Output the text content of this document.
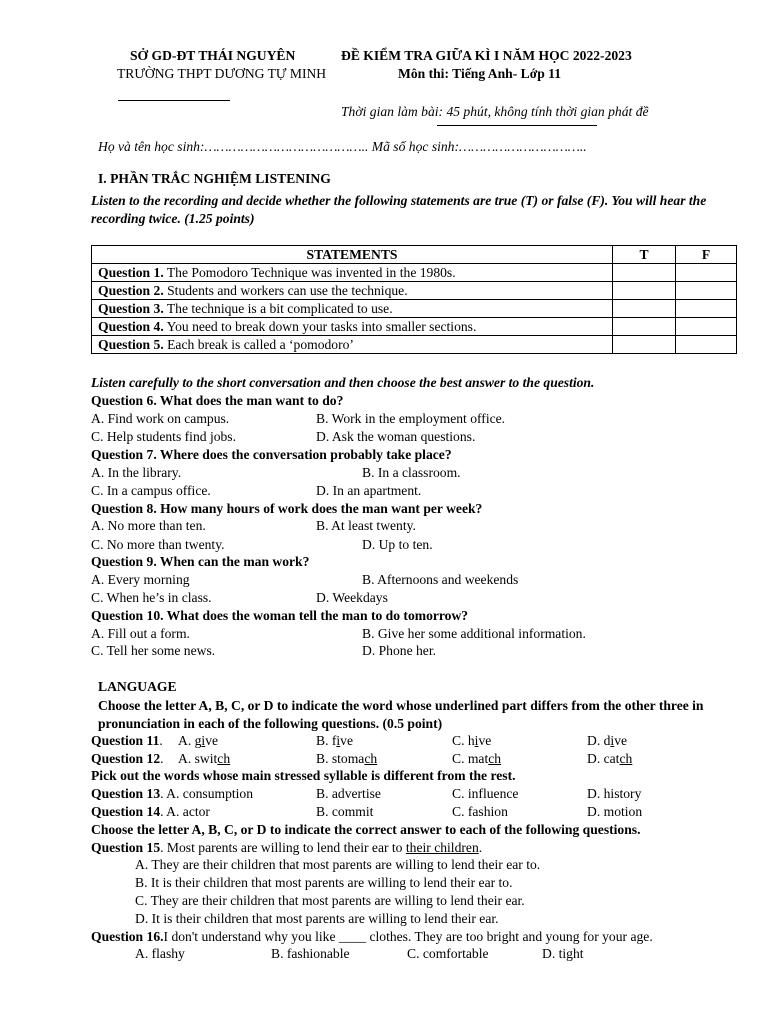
SỞ GD-ĐT THÁI NGUYÊN
TRƯỜNG THPT DƯƠNG TỰ MINH
ĐỀ KIỂM TRA GIỮA KÌ I NĂM HỌC 2022-2023
Môn thi: Tiếng Anh- Lớp 11
Thời gian làm bài: 45 phút, không tính thời gian phát đề
Họ và tên học sinh:………………………………….. Mã số học sinh:…………………………..
I. PHẦN TRẮC NGHIỆM LISTENING
Listen to the recording and decide whether the following statements are true (T) or false (F). You will hear the recording twice. (1.25 points)
STATEMENTS	T	F
Question 1. The Pomodoro Technique was invented in the 1980s.		
Question 2. Students and workers can use the technique.		
Question 3. The technique is a bit complicated to use.		
Question 4. You need to break down your tasks into smaller sections.		
Question 5. Each break is called a ‘pomodoro’		
Listen carefully to the short conversation and then choose the best answer to the question.
Question 6. What does the man want to do?
A. Find work on campus.	B. Work in the employment office.
C. Help students find jobs.	D. Ask the woman questions.
Question 7. Where does the conversation probably take place?
A. In the library.	B. In a classroom.
C. In a campus office.	D. In an apartment.
Question 8. How many hours of work does the man want per week?
A. No more than ten.	B. At least twenty.
C. No more than twenty.	D. Up to ten.
Question 9. When can the man work?
A. Every morning	B. Afternoons and weekends
C. When he’s in class.	D. Weekdays
Question 10. What does the woman tell the man to do tomorrow?
A. Fill out a form.	B. Give her some additional information.
C. Tell her some news.	D. Phone her.
LANGUAGE
Choose the letter A, B, C, or D to indicate the word whose underlined part differs from the other three in pronunciation in each of the following questions. (0.5 point)
Question 11. A. give	B. five	C. hive	D. dive
Question 12. A. switch	B. stomach	C. match	D. catch
Pick out the words whose main stressed syllable is different from the rest.
Question 13. A. consumption	B. advertise	C. influence	D. history
Question 14. A. actor	B. commit	C. fashion	D. motion
Choose the letter A, B, C, or D to indicate the correct answer to each of the following questions.
Question 15. Most parents are willing to lend their ear to their children.
A. They are their children that most parents are willing to lend their ear to.
B. It is their children that most parents are willing to lend their ear to.
C. They are their children that most parents are willing to lend their ear.
D. It is their children that most parents are willing to lend their ear.
Question 16.I don't understand why you like ____ clothes. They are too bright and young for your age.
A. flashy	B. fashionable	C. comfortable	D. tight
